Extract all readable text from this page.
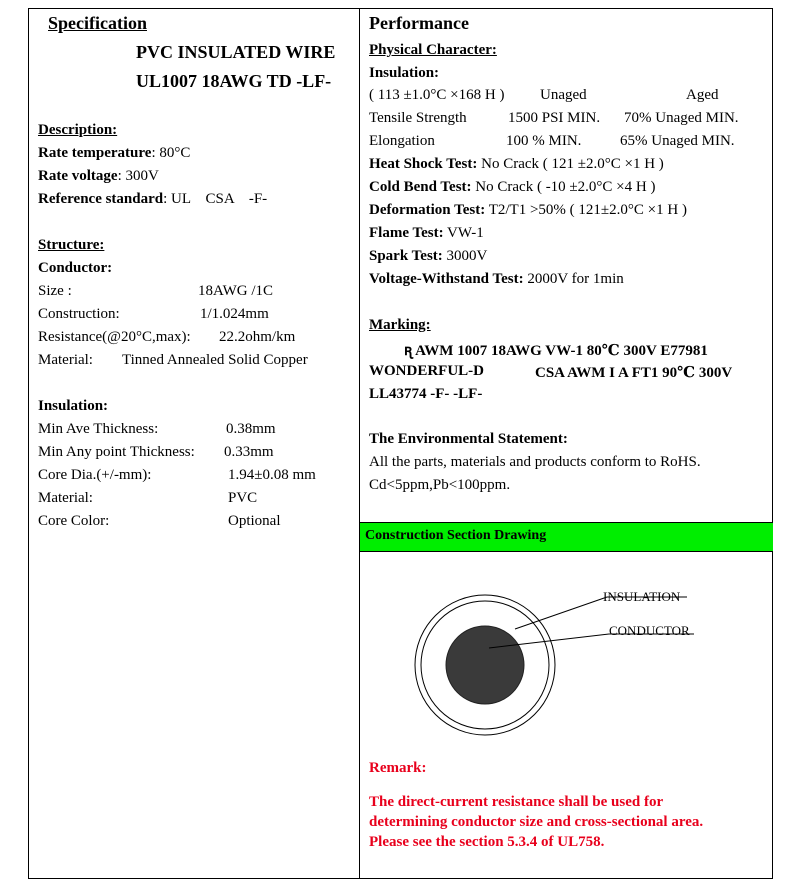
Specification
PVC INSULATED WIRE
UL1007 18AWG TD -LF-
Description:
Rate temperature: 80°C
Rate voltage: 300V
Reference standard: UL    CSA    -F-
Structure:
Conductor:
Size :	18AWG /1C
Construction:	1/1.024mm
Resistance(@20°C,max): 22.2ohm/km
Material: Tinned Annealed Solid Copper
Insulation:
Min Ave Thickness:	0.38mm
Min Any point Thickness: 0.33mm
Core Dia.(+/-mm):	1.94±0.08 mm
Material:	PVC
Core Color:	Optional
Performance
Physical Character:
Insulation:
( 113 ±1.0°C ×168 H ) Unaged	Aged
Tensile Strength	1500 PSI MIN. 70% Unaged MIN.
Elongation	100 % MIN.	65% Unaged MIN.
Heat Shock Test: No Crack ( 121 ±2.0°C ×1 H )
Cold Bend Test: No Crack ( -10 ±2.0°C ×4 H )
Deformation Test: T2/T1 >50% ( 121±2.0°C ×1 H )
Flame Test: VW-1
Spark Test: 3000V
Voltage-Withstand Test: 2000V for 1min
Marking:
ꭆ AWM 1007 18AWG VW-1 80℃ 300V E77981
WONDERFUL-D	CSA AWM I A FT1 90℃ 300V
LL43774 -F- -LF-
The Environmental Statement:
All the parts, materials and products conform to RoHS.
Cd<5ppm,Pb<100ppm.
Construction Section Drawing
INSULATION
CONDUCTOR
Remark:
The direct-current resistance shall be used for
determining conductor size and cross-sectional area.
Please see the section 5.3.4 of UL758.
